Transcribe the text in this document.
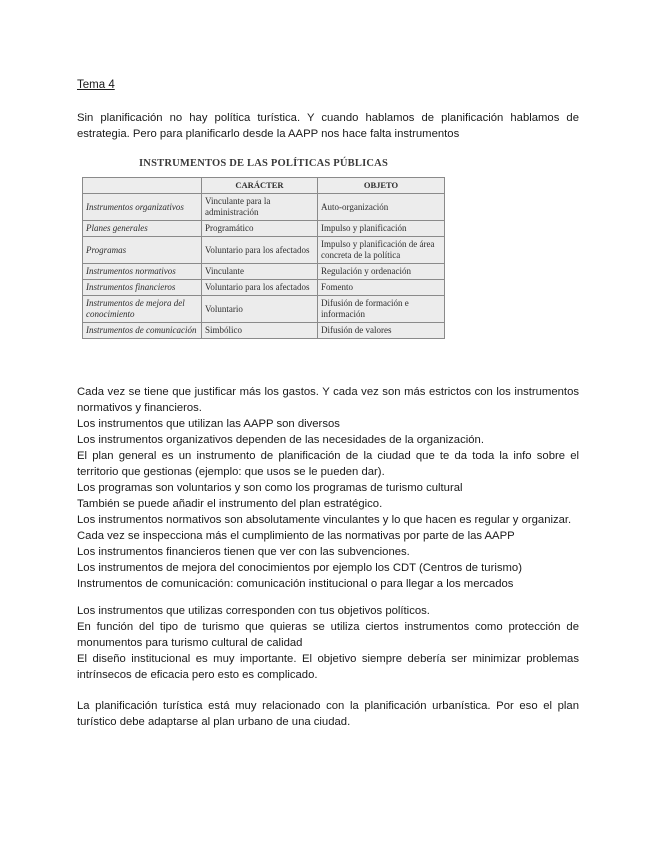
Tema 4
Sin planificación no hay política turística. Y cuando hablamos de planificación hablamos de estrategia. Pero para planificarlo desde la AAPP nos hace falta instrumentos
INSTRUMENTOS DE LAS POLÍTICAS PÚBLICAS
	CARÁCTER	OBJETO
Instrumentos organizativos	Vinculante para la administración	Auto-organización
Planes generales	Programático	Impulso y planificación
Programas	Voluntario para los afectados	Impulso y planificación de área concreta de la política
Instrumentos normativos	Vinculante	Regulación y ordenación
Instrumentos financieros	Voluntario para los afectados	Fomento
Instrumentos de mejora del conocimiento	Voluntario	Difusión de formación e información
Instrumentos de comunicación	Simbólico	Difusión de valores
Cada vez se tiene que justificar más los gastos. Y cada vez son más estrictos con los instrumentos normativos y financieros.
Los instrumentos que utilizan las AAPP son diversos
Los instrumentos organizativos dependen de las necesidades de la organización.
El plan general es un instrumento de planificación de la ciudad que te da toda la info sobre el territorio que gestionas (ejemplo: que usos se le pueden dar).
Los programas son voluntarios y son como los programas de turismo cultural
También se puede añadir el instrumento del plan estratégico.
Los instrumentos normativos son absolutamente vinculantes y lo que hacen es regular y organizar.
Cada vez se inspecciona más el cumplimiento de las normativas por parte de las AAPP
Los instrumentos financieros tienen que ver con las subvenciones.
Los instrumentos de mejora del conocimientos por ejemplo los CDT (Centros de turismo)
Instrumentos de comunicación: comunicación institucional o para llegar a los mercados
Los instrumentos que utilizas corresponden con tus objetivos políticos.
En función del tipo de turismo que quieras se utiliza ciertos instrumentos como protección de monumentos para turismo cultural de calidad
El diseño institucional es muy importante. El objetivo siempre debería ser minimizar problemas intrínsecos de eficacia pero esto es complicado.
La planificación turística está muy relacionado con la planificación urbanística. Por eso el plan turístico debe adaptarse al plan urbano de una ciudad.
